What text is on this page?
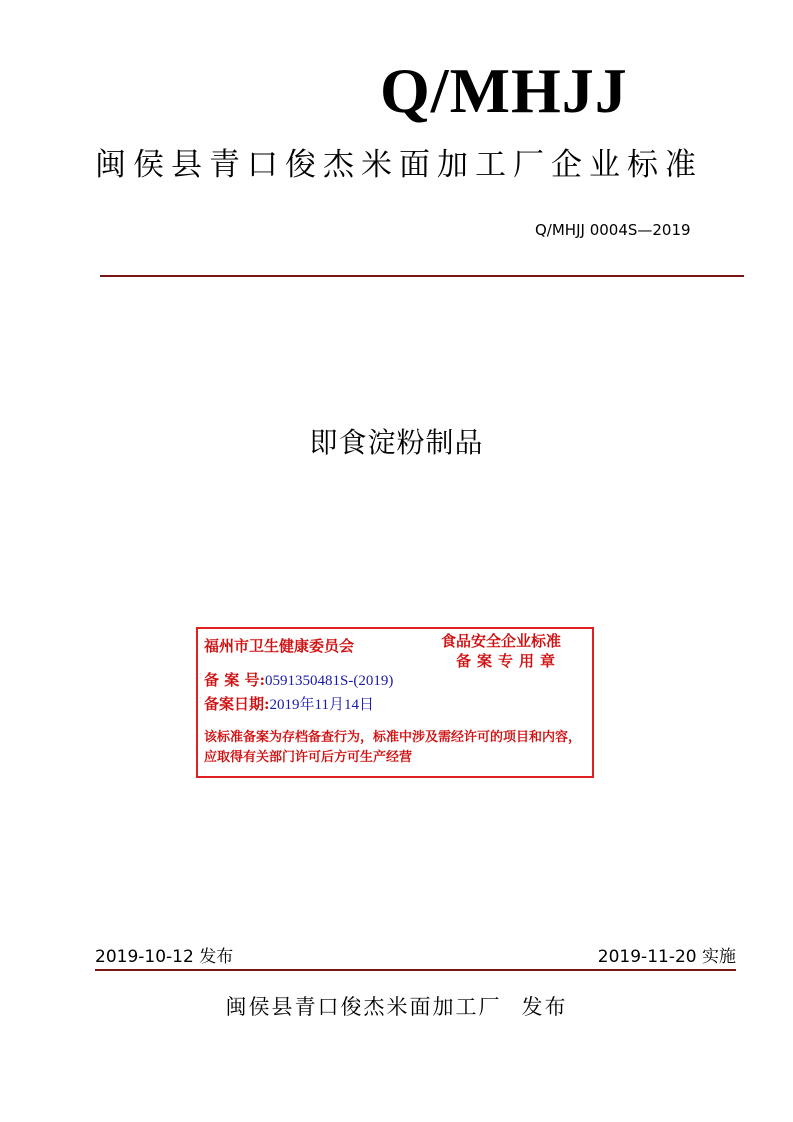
Q/MHJJ
闽侯县青口俊杰米面加工厂企业标准
Q/MHJJ 0004S—2019
即食淀粉制品
福州市卫生健康委员会	食品安全企业标准
备案专用章
备 案 号:0591350481S-(2019)
备案日期:2019年11月14日
该标准备案为存档备查行为，标准中涉及需经许可的项目和内容，应取得有关部门许可后方可生产经营
2019-10-12 发布	2019-11-20 实施
闽侯县青口俊杰米面加工厂 发布
